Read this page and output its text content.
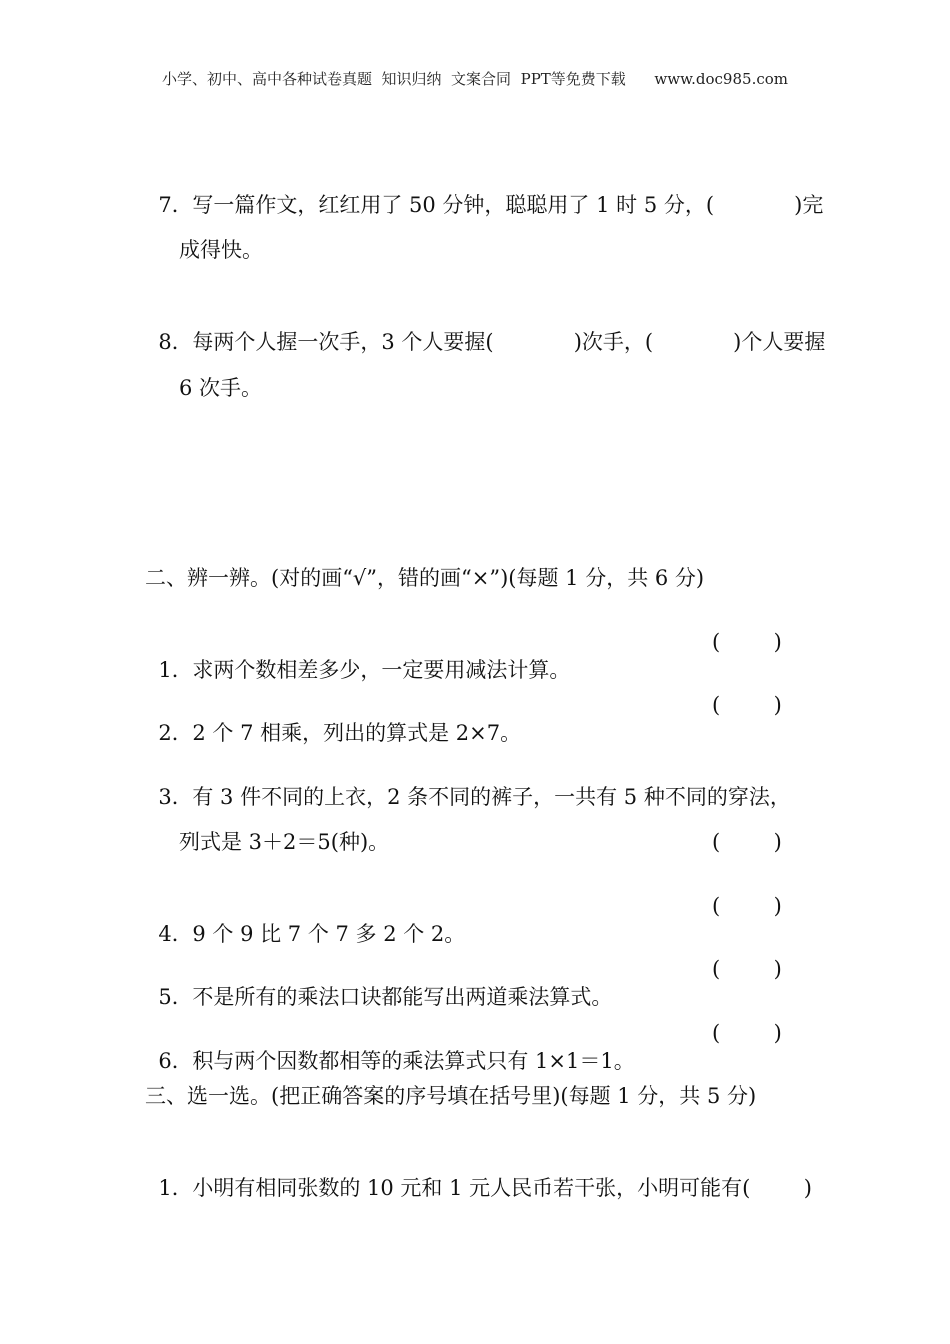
小学、初中、高中各种试卷真题  知识归纳  文案合同  PPT等免费下载      www.doc985.com

7．写一篇作文，红红用了 50 分钟，聪聪用了 1 时 5 分，(            )完

成得快。

8．每两个人握一次手，3 个人要握(            )次手，(            )个人要握

6 次手。
二、辨一辨。(对的画“√”，错的画“×”)(每题 1 分，共 6 分)

1．求两个数相差多少，一定要用减法计算。

(        )

2．2 个 7 相乘，列出的算式是 2×7。

(        )

3．有 3 件不同的上衣，2 条不同的裤子，一共有 5 种不同的穿法，

列式是 3＋2＝5(种)。	(        )

4．9 个 9 比 7 个 7 多 2 个 2。

(        )

5．不是所有的乘法口诀都能写出两道乘法算式。

(        )

6．积与两个因数都相等的乘法算式只有 1×1＝1。

(        )
三、选一选。(把正确答案的序号填在括号里)(每题 1 分，共 5 分)

1．小明有相同张数的 10 元和 1 元人民币若干张，小明可能有(        )
